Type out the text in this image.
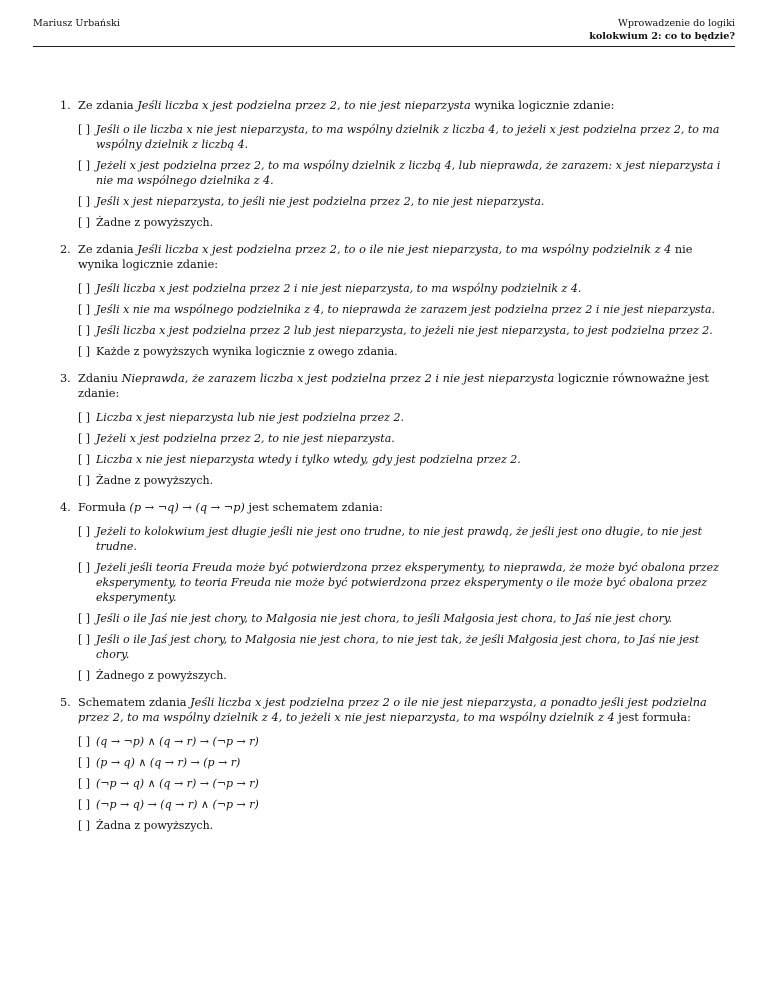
Mariusz Urbański	Wprowadzenie do logiki
kolokwium 2: co to będzie?
1. Ze zdania Jeśli liczba x jest podzielna przez 2, to nie jest nieparzysta wynika logicznie zdanie:

[ ] Jeśli o ile liczba x nie jest nieparzysta, to ma wspólny dzielnik z liczba 4, to jeżeli x jest podzielna przez 2, to ma wspólny dzielnik z liczbą 4.
[ ] Jeżeli x jest podzielna przez 2, to ma wspólny dzielnik z liczbą 4, lub nieprawda, że zarazem: x jest nieparzysta i nie ma wspólnego dzielnika z 4.
[ ] Jeśli x jest nieparzysta, to jeśli nie jest podzielna przez 2, to nie jest nieparzysta.
[ ] Żadne z powyższych.
2. Ze zdania Jeśli liczba x jest podzielna przez 2, to o ile nie jest nieparzysta, to ma wspólny podzielnik z 4 nie wynika logicznie zdanie:

[ ] Jeśli liczba x jest podzielna przez 2 i nie jest nieparzysta, to ma wspólny podzielnik z 4.
[ ] Jeśli x nie ma wspólnego podzielnika z 4, to nieprawda że zarazem jest podzielna przez 2 i nie jest nieparzysta.
[ ] Jeśli liczba x jest podzielna przez 2 lub jest nieparzysta, to jeżeli nie jest nieparzysta, to jest podzielna przez 2.
[ ] Każde z powyższych wynika logicznie z owego zdania.
3. Zdaniu Nieprawda, że zarazem liczba x jest podzielna przez 2 i nie jest nieparzysta logicznie równoważne jest zdanie:

[ ] Liczba x jest nieparzysta lub nie jest podzielna przez 2.
[ ] Jeżeli x jest podzielna przez 2, to nie jest nieparzysta.
[ ] Liczba x nie jest nieparzysta wtedy i tylko wtedy, gdy jest podzielna przez 2.
[ ] Żadne z powyższych.
4. Formuła (p → ¬q) → (q → ¬p) jest schematem zdania:

[ ] Jeżeli to kolokwium jest długie jeśli nie jest ono trudne, to nie jest prawdą, że jeśli jest ono długie, to nie jest trudne.
[ ] Jeżeli jeśli teoria Freuda może być potwierdzona przez eksperymenty, to nieprawda, że może być obalona przez eksperymenty, to teoria Freuda nie może być potwierdzona przez eksperymenty o ile może być obalona przez eksperymenty.
[ ] Jeśli o ile Jaś nie jest chory, to Małgosia nie jest chora, to jeśli Małgosia jest chora, to Jaś nie jest chory.
[ ] Jeśli o ile Jaś jest chory, to Małgosia nie jest chora, to nie jest tak, że jeśli Małgosia jest chora, to Jaś nie jest chory.
[ ] Żadnego z powyższych.
5. Schematem zdania Jeśli liczba x jest podzielna przez 2 o ile nie jest nieparzysta, a ponadto jeśli jest podzielna przez 2, to ma wspólny dzielnik z 4, to jeżeli x nie jest nieparzysta, to ma wspólny dzielnik z 4 jest formuła:

[ ] (q → ¬p) ∧ (q → r) → (¬p → r)
[ ] (p → q) ∧ (q → r) → (p → r)
[ ] (¬p → q) ∧ (q → r) → (¬p → r)
[ ] (¬p → q) → (q → r) ∧ (¬p → r)
[ ] Żadna z powyższych.
